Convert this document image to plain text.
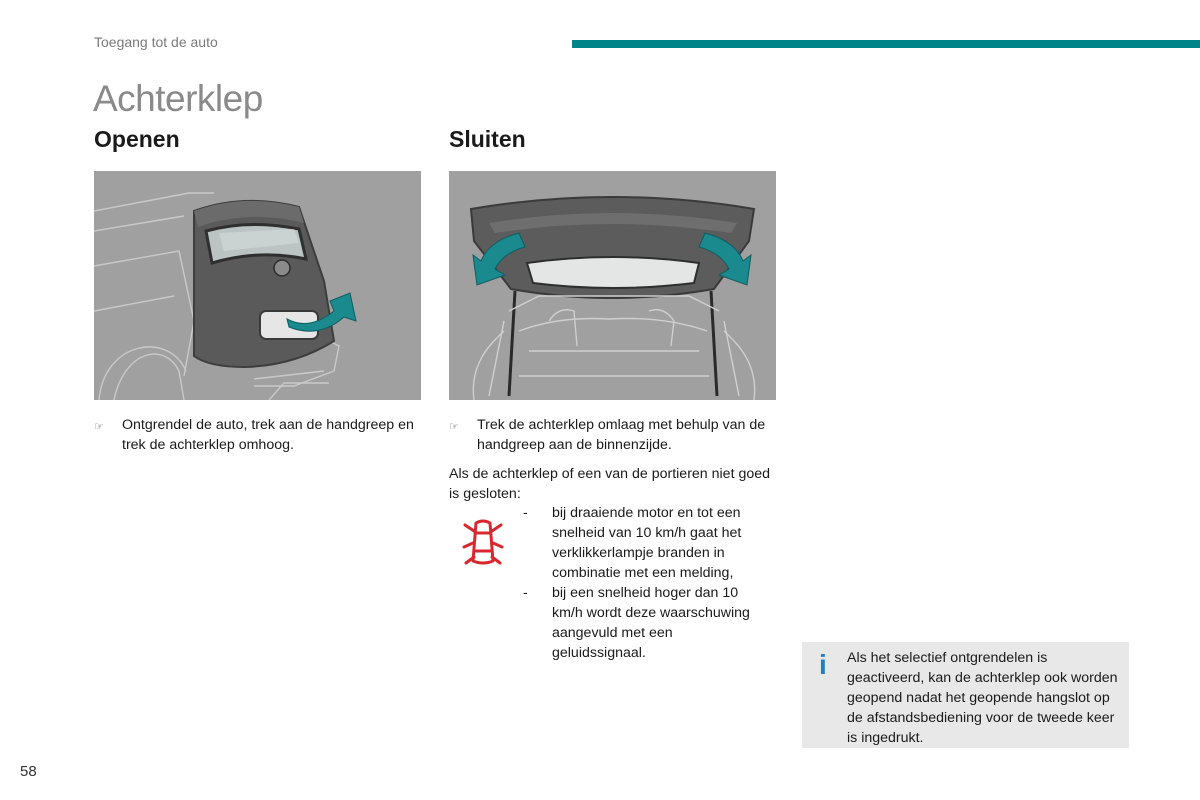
Toegang tot de auto
Achterklep
Openen	Sluiten
☞	Ontgrendel de auto, trek aan de handgreep en trek de achterklep omhoog.
☞	Trek de achterklep omlaag met behulp van de handgreep aan de binnenzijde.
Als de achterklep of een van de portieren niet goed is gesloten:
-	bij draaiende motor en tot een snelheid van 10 km/h gaat het verklikkerlampje branden in combinatie met een melding,
-	bij een snelheid hoger dan 10 km/h wordt deze waarschuwing aangevuld met een geluidssignaal.	i Als het selectief ontgrendelen is geactiveerd, kan de achterklep ook worden geopend nadat het geopende hangslot op de afstandsbediening voor de tweede keer is ingedrukt.
58
